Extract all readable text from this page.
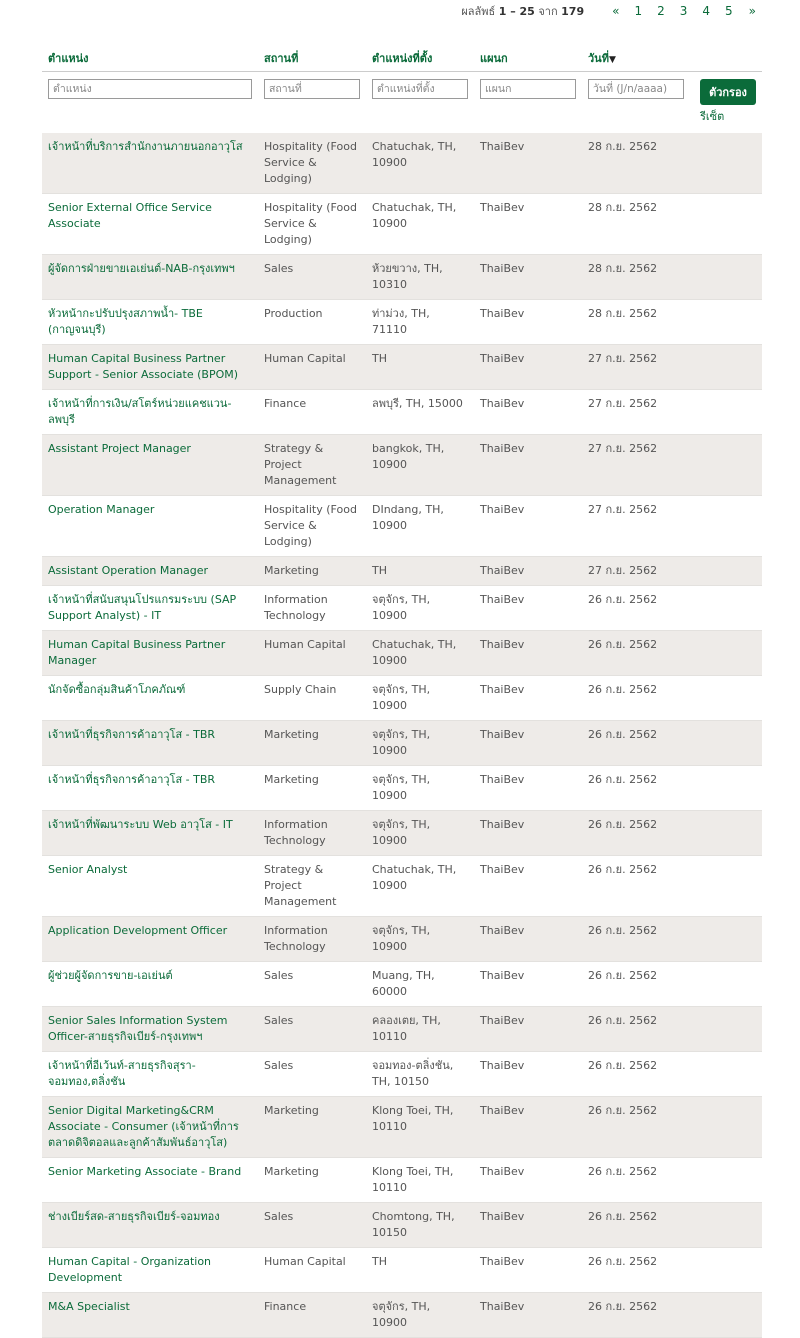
ผลลัพธ์ 1 – 25 จาก 179 « 1 2 3 4 5 »
ตำแหน่ง	สถานที่	ตำแหน่งที่ตั้ง	แผนก	วันที่▼	
ตำแหน่ง	สถานที่	ตำแหน่งที่ตั้ง	แผนก	วันที่ (J/n/aaaa)	
ตัวกรอง
รีเซ็ต

เจ้าหน้าที่บริการสำนักงานภายนอกอาวุโส	Hospitality (Food Service & Lodging)	Chatuchak, TH, 10900	ThaiBev	28 ก.ย. 2562	
Senior External Office Service Associate	Hospitality (Food Service & Lodging)	Chatuchak, TH, 10900	ThaiBev	28 ก.ย. 2562	
ผู้จัดการฝ่ายขายเอเย่นต์-NAB-กรุงเทพฯ	Sales	ห้วยขวาง, TH, 10310	ThaiBev	28 ก.ย. 2562	
หัวหน้ากะปรับปรุงสภาพน้ำ- TBE (กาญจนบุรี)	Production	ท่าม่วง, TH, 71110	ThaiBev	28 ก.ย. 2562	
Human Capital Business Partner Support - Senior Associate (BPOM)	Human Capital	TH	ThaiBev	27 ก.ย. 2562	
เจ้าหน้าที่การเงิน/สโตร์หน่วยแคชแวน-ลพบุรี	Finance	ลพบุรี, TH, 15000	ThaiBev	27 ก.ย. 2562	
Assistant Project Manager	Strategy & Project Management	bangkok, TH, 10900	ThaiBev	27 ก.ย. 2562	
Operation Manager	Hospitality (Food Service & Lodging)	DIndang, TH, 10900	ThaiBev	27 ก.ย. 2562	
Assistant Operation Manager	Marketing	TH	ThaiBev	27 ก.ย. 2562	
เจ้าหน้าที่สนับสนุนโปรแกรมระบบ (SAP Support Analyst) - IT	Information Technology	จตุจักร, TH, 10900	ThaiBev	26 ก.ย. 2562	
Human Capital Business Partner Manager	Human Capital	Chatuchak, TH, 10900	ThaiBev	26 ก.ย. 2562	
นักจัดซื้อกลุ่มสินค้าโภคภัณฑ์	Supply Chain	จตุจักร, TH, 10900	ThaiBev	26 ก.ย. 2562	
เจ้าหน้าที่ธุรกิจการค้าอาวุโส - TBR	Marketing	จตุจักร, TH, 10900	ThaiBev	26 ก.ย. 2562	
เจ้าหน้าที่ธุรกิจการค้าอาวุโส - TBR	Marketing	จตุจักร, TH, 10900	ThaiBev	26 ก.ย. 2562	
เจ้าหน้าที่พัฒนาระบบ Web อาวุโส - IT	Information Technology	จตุจักร, TH, 10900	ThaiBev	26 ก.ย. 2562	
Senior Analyst	Strategy & Project Management	Chatuchak, TH, 10900	ThaiBev	26 ก.ย. 2562	
Application Development Officer	Information Technology	จตุจักร, TH, 10900	ThaiBev	26 ก.ย. 2562	
ผู้ช่วยผู้จัดการขาย-เอเย่นต์	Sales	Muang, TH, 60000	ThaiBev	26 ก.ย. 2562	
Senior Sales Information System Officer-สายธุรกิจเบียร์-กรุงเทพฯ	Sales	คลองเตย, TH, 10110	ThaiBev	26 ก.ย. 2562	
เจ้าหน้าที่อีเว้นท์-สายธุรกิจสุรา-จอมทอง,ตลิ่งชัน	Sales	จอมทอง-ตลิ่งชัน, TH, 10150	ThaiBev	26 ก.ย. 2562	
Senior Digital Marketing&CRM Associate - Consumer (เจ้าหน้าที่การตลาดดิจิตอลและลูกค้าสัมพันธ์อาวุโส)	Marketing	Klong Toei, TH, 10110	ThaiBev	26 ก.ย. 2562	
Senior Marketing Associate - Brand	Marketing	Klong Toei, TH, 10110	ThaiBev	26 ก.ย. 2562	
ช่างเบียร์สด-สายธุรกิจเบียร์-จอมทอง	Sales	Chomtong, TH, 10150	ThaiBev	26 ก.ย. 2562	
Human Capital - Organization Development	Human Capital	TH	ThaiBev	26 ก.ย. 2562	
M&A Specialist	Finance	จตุจักร, TH, 10900	ThaiBev	26 ก.ย. 2562	
